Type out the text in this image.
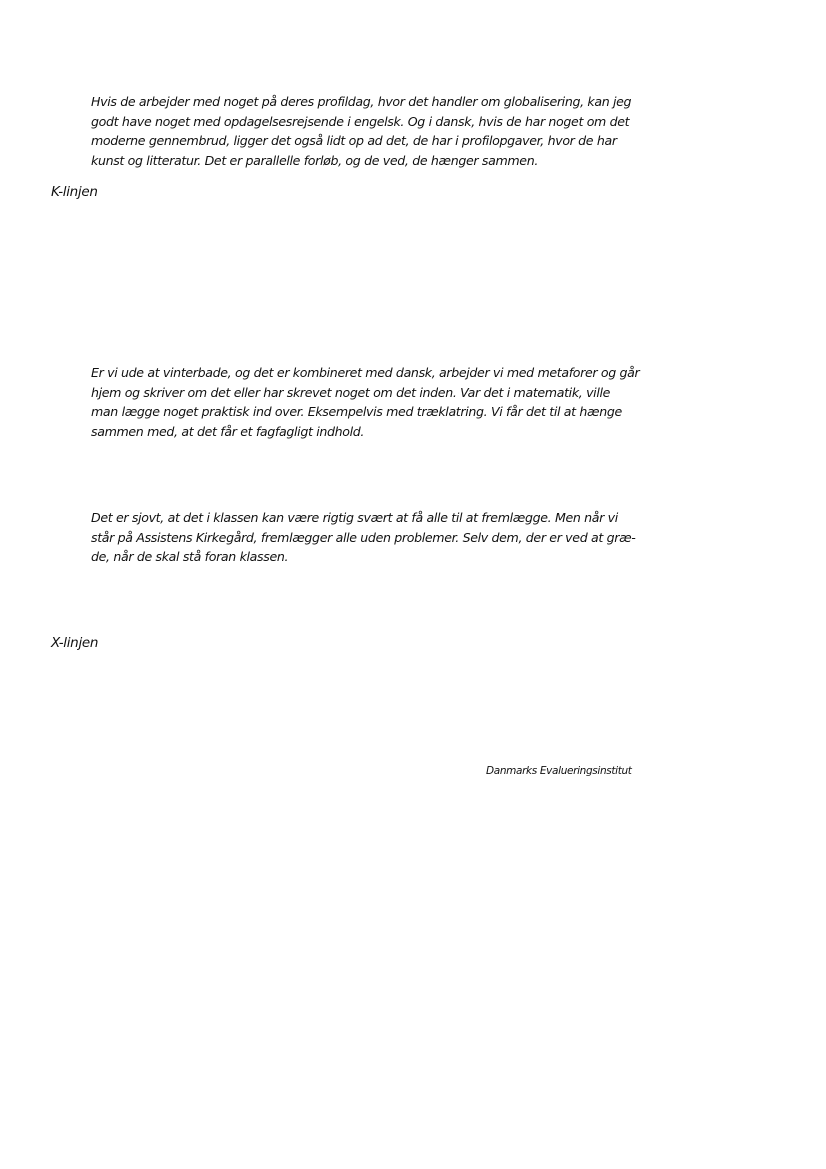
Hvis de arbejder med noget på deres profildag, hvor det handler om globalisering, kan jeg
godt have noget med opdagelsesrejsende i engelsk. Og i dansk, hvis de har noget om det
moderne gennembrud, ligger det også lidt op ad det, de har i profilopgaver, hvor de har
kunst og litteratur. Det er parallelle forløb, og de ved, de hænger sammen.
K-linjen
Er vi ude at vinterbade, og det er kombineret med dansk, arbejder vi med metaforer og går
hjem og skriver om det eller har skrevet noget om det inden. Var det i matematik, ville
man lægge noget praktisk ind over. Eksempelvis med træklatring. Vi får det til at hænge
sammen med, at det får et fagfagligt indhold.
Det er sjovt, at det i klassen kan være rigtig svært at få alle til at fremlægge. Men når vi
står på Assistens Kirkegård, fremlægger alle uden problemer. Selv dem, der er ved at græ-
de, når de skal stå foran klassen.
X-linjen

Danmarks Evalueringsinstitut
